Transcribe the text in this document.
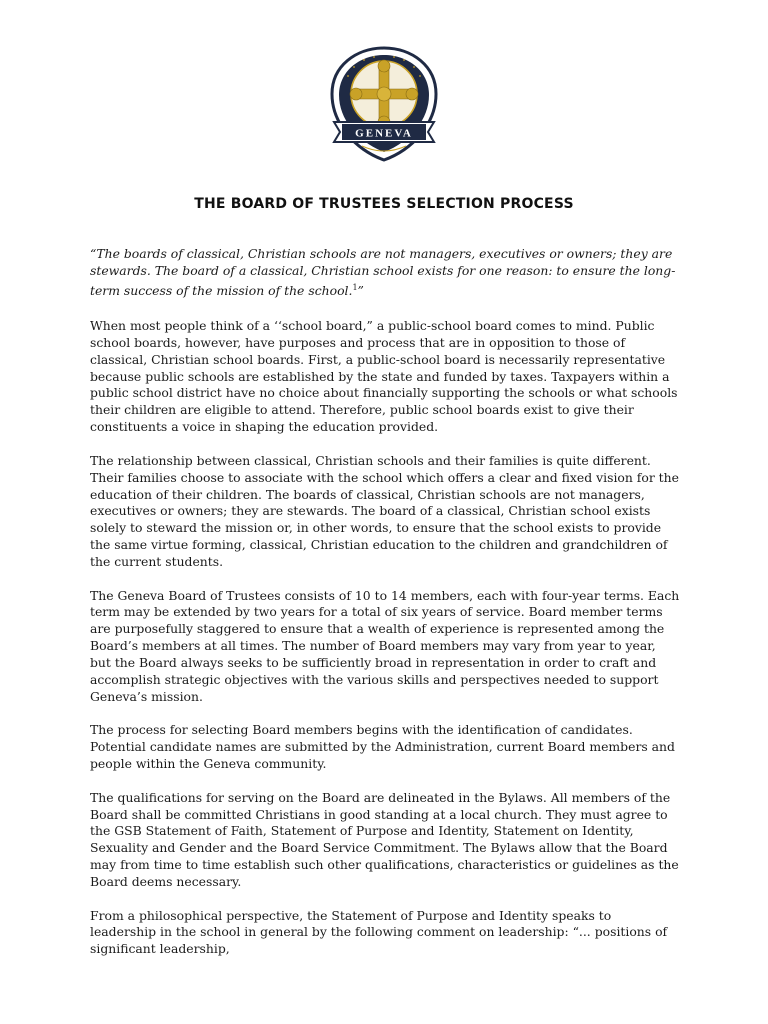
GENEVA
THE BOARD OF TRUSTEES SELECTION PROCESS

“The boards of classical, Christian schools are not managers, executives or owners; they are stewards. The board of a classical, Christian school exists for one reason: to ensure the long-term success of the mission of the school.$^1$”

When most people think of a ‘‘school board,” a public-school board comes to mind. Public school boards, however, have purposes and process that are in opposition to those of classical, Christian school boards. First, a public-school board is necessarily representative because public schools are established by the state and funded by taxes. Taxpayers within a public school district have no choice about financially supporting the schools or what schools their children are eligible to attend. Therefore, public school boards exist to give their constituents a voice in shaping the education provided.

The relationship between classical, Christian schools and their families is quite different. Their families choose to associate with the school which offers a clear and fixed vision for the education of their children. The boards of classical, Christian schools are not managers, executives or owners; they are stewards. The board of a classical, Christian school exists solely to steward the mission or, in other words, to ensure that the school exists to provide the same virtue forming, classical, Christian education to the children and grandchildren of the current students.

The Geneva Board of Trustees consists of 10 to 14 members, each with four-year terms. Each term may be extended by two years for a total of six years of service. Board member terms are purposefully staggered to ensure that a wealth of experience is represented among the Board’s members at all times. The number of Board members may vary from year to year, but the Board always seeks to be sufficiently broad in representation in order to craft and accomplish strategic objectives with the various skills and perspectives needed to support Geneva’s mission.

The process for selecting Board members begins with the identification of candidates. Potential candidate names are submitted by the Administration, current Board members and people within the Geneva community.

The qualifications for serving on the Board are delineated in the Bylaws. All members of the Board shall be committed Christians in good standing at a local church. They must agree to the GSB Statement of Faith, Statement of Purpose and Identity, Statement on Identity, Sexuality and Gender and the Board Service Commitment. The Bylaws allow that the Board may from time to time establish such other qualifications, characteristics or guidelines as the Board deems necessary.

From a philosophical perspective, the Statement of Purpose and Identity speaks to leadership in the school in general by the following comment on leadership: “... positions of significant leadership,
